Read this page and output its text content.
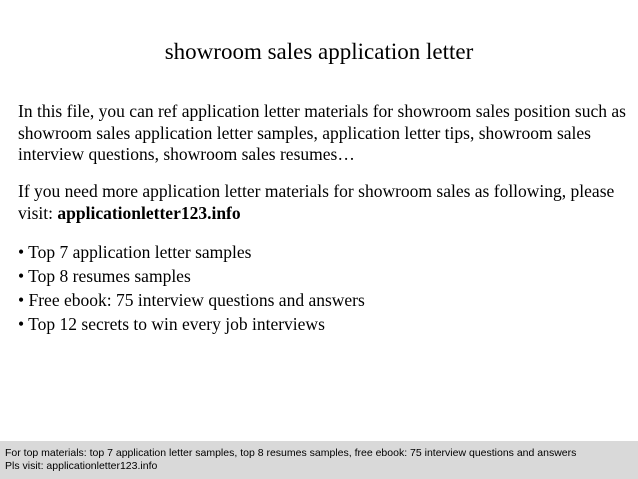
showroom sales application letter
In this file, you can ref application letter materials for showroom sales position such as showroom sales application letter samples, application letter tips, showroom sales interview questions, showroom sales resumes…
If you need more application letter materials for showroom sales as following, please visit: applicationletter123.info
• Top 7 application letter samples
• Top 8 resumes samples
• Free ebook: 75 interview questions and answers
• Top 12 secrets to win every job interviews
For top materials: top 7 application letter samples, top 8 resumes samples, free ebook: 75 interview questions and answers
Pls visit: applicationletter123.info
